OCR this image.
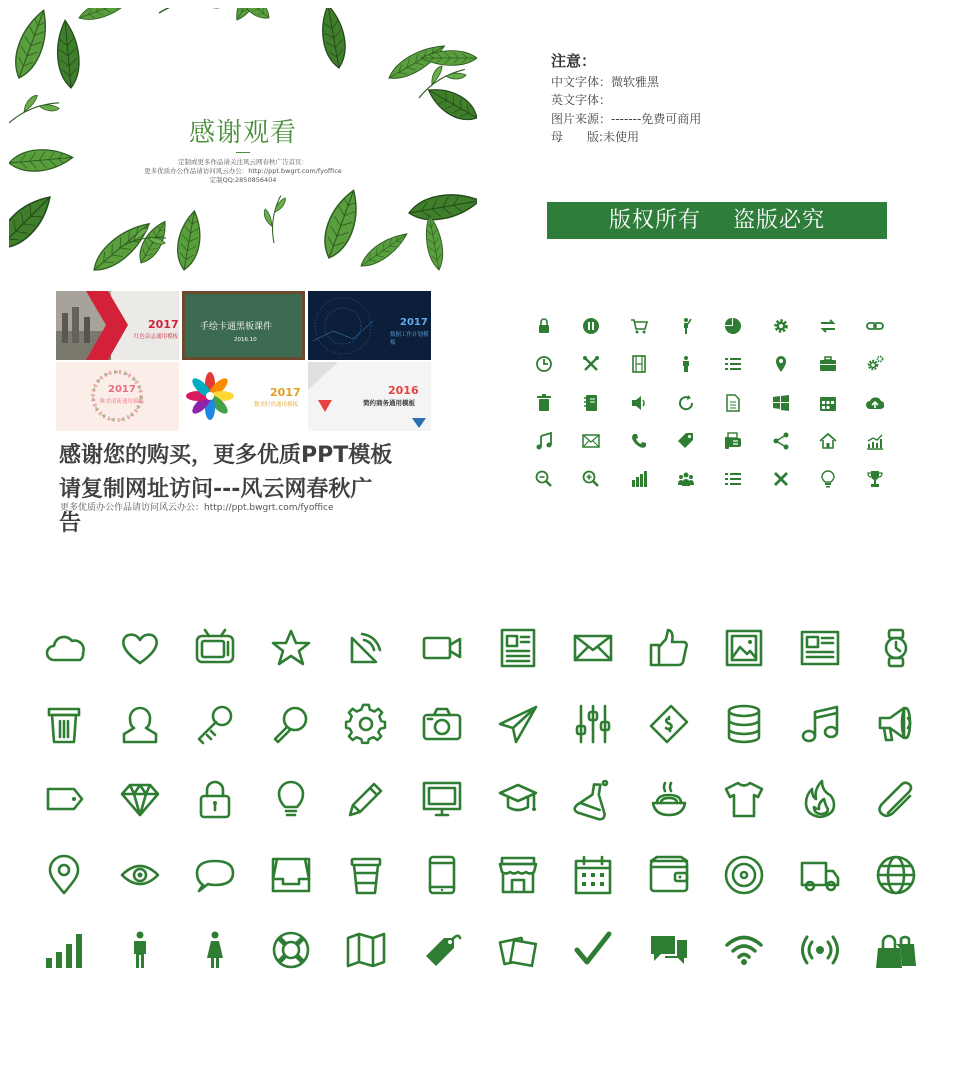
感谢观看
定制或更多作品请关注风云网春秋广告首页：
更多优质办公作品请访问风云办公：http://ppt.bwgrt.com/fyoffice
定制QQ:2850856404
注意：
中文字体：微软雅黑
英文字体：
图片来源：-------免费可商用
母　　版:未使用
版权所有 盗版必究
2017
红色杂志通用模板
手绘卡通黑板课件
2016.10
2017
数据工作计划模板
2017
唯美清新通用模板
2017
数美时尚通用模板
2016
简约商务通用模板
感谢您的购买，更多优质PPT模板
请复制网址访问---风云网春秋广
告
更多优质办公作品请访问风云办公：http://ppt.bwgrt.com/fyoffice
